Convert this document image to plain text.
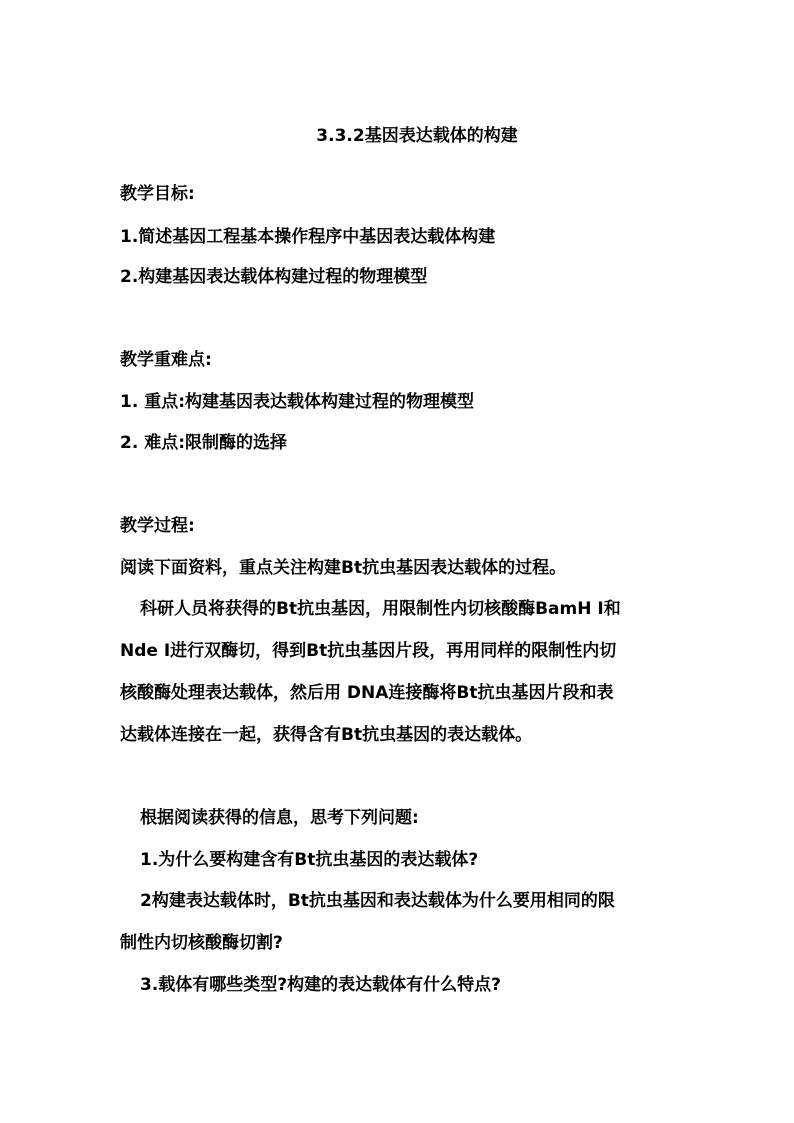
3.3.2基因表达载体的构建
教学目标:
1.简述基因工程基本操作程序中基因表达载体构建
2.构建基因表达载体构建过程的物理模型
教学重难点:
1. 重点:构建基因表达载体构建过程的物理模型
2. 难点:限制酶的选择
教学过程:
阅读下面资料，重点关注构建Bt抗虫基因表达载体的过程。
科研人员将获得的Bt抗虫基因，用限制性内切核酸酶BamH Ⅰ和
Nde Ⅰ进行双酶切，得到Bt抗虫基因片段，再用同样的限制性内切
核酸酶处理表达载体，然后用 DNA连接酶将Bt抗虫基因片段和表
达载体连接在一起，获得含有Bt抗虫基因的表达载体。
根据阅读获得的信息，思考下列问题:
1.为什么要构建含有Bt抗虫基因的表达载体?
2构建表达载体时，Bt抗虫基因和表达载体为什么要用相同的限
制性内切核酸酶切割?
3.载体有哪些类型?构建的表达载体有什么特点?
